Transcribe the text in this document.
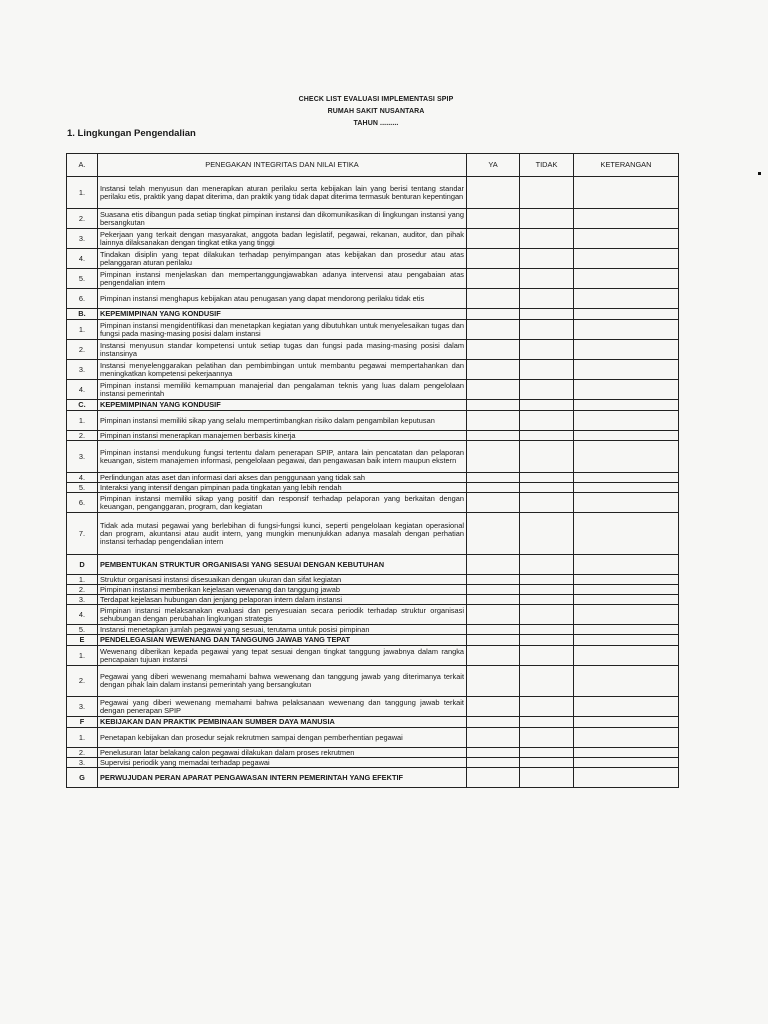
CHECK LIST EVALUASI IMPLEMENTASI SPIP
RUMAH SAKIT NUSANTARA
TAHUN .........
1. Lingkungan Pengendalian
A.	PENEGAKAN INTEGRITAS DAN NILAI ETIKA	YA	TIDAK	KETERANGAN
1.	Instansi telah menyusun dan menerapkan aturan perilaku serta kebijakan lain yang berisi tentang standar perilaku etis, praktik yang dapat diterima, dan praktik yang tidak dapat diterima termasuk benturan kepentingan			
2.	Suasana etis dibangun pada setiap tingkat pimpinan instansi dan dikomunikasikan di lingkungan instansi yang bersangkutan			
3.	Pekerjaan yang terkait dengan masyarakat, anggota badan legislatif, pegawai, rekanan, auditor, dan pihak lainnya dilaksanakan dengan tingkat etika yang tinggi			
4.	Tindakan disiplin yang tepat dilakukan terhadap penyimpangan atas kebijakan dan prosedur atau atas pelanggaran aturan perilaku			
5.	Pimpinan instansi menjelaskan dan mempertanggungjawabkan adanya intervensi atau pengabaian atas pengendalian intern			
6.	Pimpinan instansi menghapus kebijakan atau penugasan yang dapat mendorong perilaku tidak etis			
B.	KEPEMIMPINAN YANG KONDUSIF			
1.	Pimpinan instansi mengidentifikasi dan menetapkan kegiatan yang dibutuhkan untuk menyelesaikan tugas dan fungsi pada masing-masing posisi dalam instansi			
2.	Instansi menyusun standar kompetensi untuk setiap tugas dan fungsi pada masing-masing posisi dalam instansinya			
3.	Instansi menyelenggarakan pelatihan dan pembimbingan untuk membantu pegawai mempertahankan dan meningkatkan kompetensi pekerjaannya			
4.	Pimpinan instansi memiliki kemampuan manajerial dan pengalaman teknis yang luas dalam pengelolaan instansi pemerintah			
C.	KEPEMIMPINAN YANG KONDUSIF			
1.	Pimpinan instansi memiliki sikap yang selalu mempertimbangkan risiko dalam pengambilan keputusan			
2.	Pimpinan instansi menerapkan manajemen berbasis kinerja			
3.	Pimpinan instansi mendukung fungsi tertentu dalam penerapan SPIP, antara lain pencatatan dan pelaporan keuangan, sistem manajemen informasi, pengelolaan pegawai, dan pengawasan baik intern maupun ekstern			
4.	Perlindungan atas aset dan informasi dari akses dan penggunaan yang tidak sah			
5.	Interaksi yang intensif dengan pimpinan pada tingkatan yang lebih rendah			
6.	Pimpinan instansi memiliki sikap yang positif dan responsif terhadap pelaporan yang berkaitan dengan keuangan, penganggaran, program, dan kegiatan			
7.	Tidak ada mutasi pegawai yang berlebihan di fungsi-fungsi kunci, seperti pengelolaan kegiatan operasional dan program, akuntansi atau audit intern, yang mungkin menunjukkan adanya masalah dengan perhatian instansi terhadap pengendalian intern			
D	PEMBENTUKAN STRUKTUR ORGANISASI YANG SESUAI DENGAN KEBUTUHAN			
1.	Struktur organisasi instansi disesuaikan dengan ukuran dan sifat kegiatan			
2.	Pimpinan instansi memberikan kejelasan wewenang dan tanggung jawab			
3.	Terdapat kejelasan hubungan dan jenjang pelaporan intern dalam instansi			
4.	Pimpinan instansi melaksanakan evaluasi dan penyesuaian secara periodik terhadap struktur organisasi sehubungan dengan perubahan lingkungan strategis			
5.	Instansi menetapkan jumlah pegawai yang sesuai, terutama untuk posisi pimpinan			
E	PENDELEGASIAN WEWENANG DAN TANGGUNG JAWAB YANG TEPAT			
1.	Wewenang diberikan kepada pegawai yang tepat sesuai dengan tingkat tanggung jawabnya dalam rangka pencapaian tujuan instansi			
2.	Pegawai yang diberi wewenang memahami bahwa wewenang dan tanggung jawab yang diterimanya terkait dengan pihak lain dalam instansi pemerintah yang bersangkutan			
3.	Pegawai yang diberi wewenang memahami bahwa pelaksanaan wewenang dan tanggung jawab terkait dengan penerapan SPIP			
F	KEBIJAKAN DAN PRAKTIK PEMBINAAN SUMBER DAYA MANUSIA			
1.	Penetapan kebijakan dan prosedur sejak rekrutmen sampai dengan pemberhentian pegawai			
2.	Penelusuran latar belakang calon pegawai dilakukan dalam proses rekrutmen			
3.	Supervisi periodik yang memadai terhadap pegawai			
G	PERWUJUDAN PERAN APARAT PENGAWASAN INTERN PEMERINTAH YANG EFEKTIF			
